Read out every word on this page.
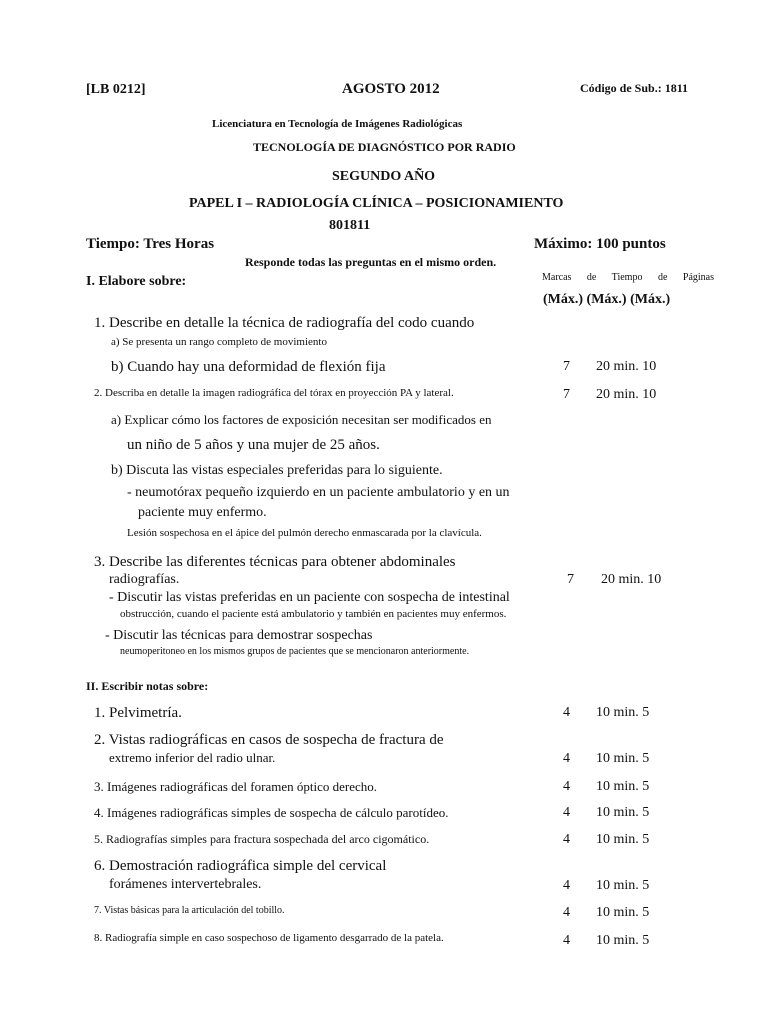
[LB 0212]	AGOSTO 2012	Código de Sub.: 1811
Licenciatura en Tecnología de Imágenes Radiológicas
TECNOLOGÍA DE DIAGNÓSTICO POR RADIO
SEGUNDO AÑO
PAPEL I – RADIOLOGÍA CLÍNICA – POSICIONAMIENTO
801811
Tiempo: Tres Horas	Máximo: 100 puntos
Responde todas las preguntas en el mismo orden.
Marcas de Tiempo de Páginas
(Máx.) (Máx.) (Máx.)
I. Elabore sobre:
1. Describe en detalle la técnica de radiografía del codo cuando
a) Se presenta un rango completo de movimiento
b) Cuando hay una deformidad de flexión fija	7 20 min. 10
2. Describa en detalle la imagen radiográfica del tórax en proyección PA y lateral.	7 20 min. 10
a) Explicar cómo los factores de exposición necesitan ser modificados en
un niño de 5 años y una mujer de 25 años.
b) Discuta las vistas especiales preferidas para lo siguiente.
- neumotórax pequeño izquierdo en un paciente ambulatorio y en un
paciente muy enfermo.
Lesión sospechosa en el ápice del pulmón derecho enmascarada por la clavícula.
3. Describe las diferentes técnicas para obtener abdominales
radiografías.	7 20 min. 10
- Discutir las vistas preferidas en un paciente con sospecha de intestinal
obstrucción, cuando el paciente está ambulatorio y también en pacientes muy enfermos.
- Discutir las técnicas para demostrar sospechas
neumoperitoneo en los mismos grupos de pacientes que se mencionaron anteriormente.
II. Escribir notas sobre:
1. Pelvimetría.	4 10 min. 5
2. Vistas radiográficas en casos de sospecha de fractura de
extremo inferior del radio ulnar.	4 10 min. 5
3. Imágenes radiográficas del foramen óptico derecho.	4 10 min. 5
4. Imágenes radiográficas simples de sospecha de cálculo parotídeo.	4 10 min. 5
5. Radiografías simples para fractura sospechada del arco cigomático.	4 10 min. 5
6. Demostración radiográfica simple del cervical
forámenes intervertebrales.	4 10 min. 5
7. Vistas básicas para la articulación del tobillo.	4 10 min. 5
8. Radiografía simple en caso sospechoso de ligamento desgarrado de la patela.	4 10 min. 5
